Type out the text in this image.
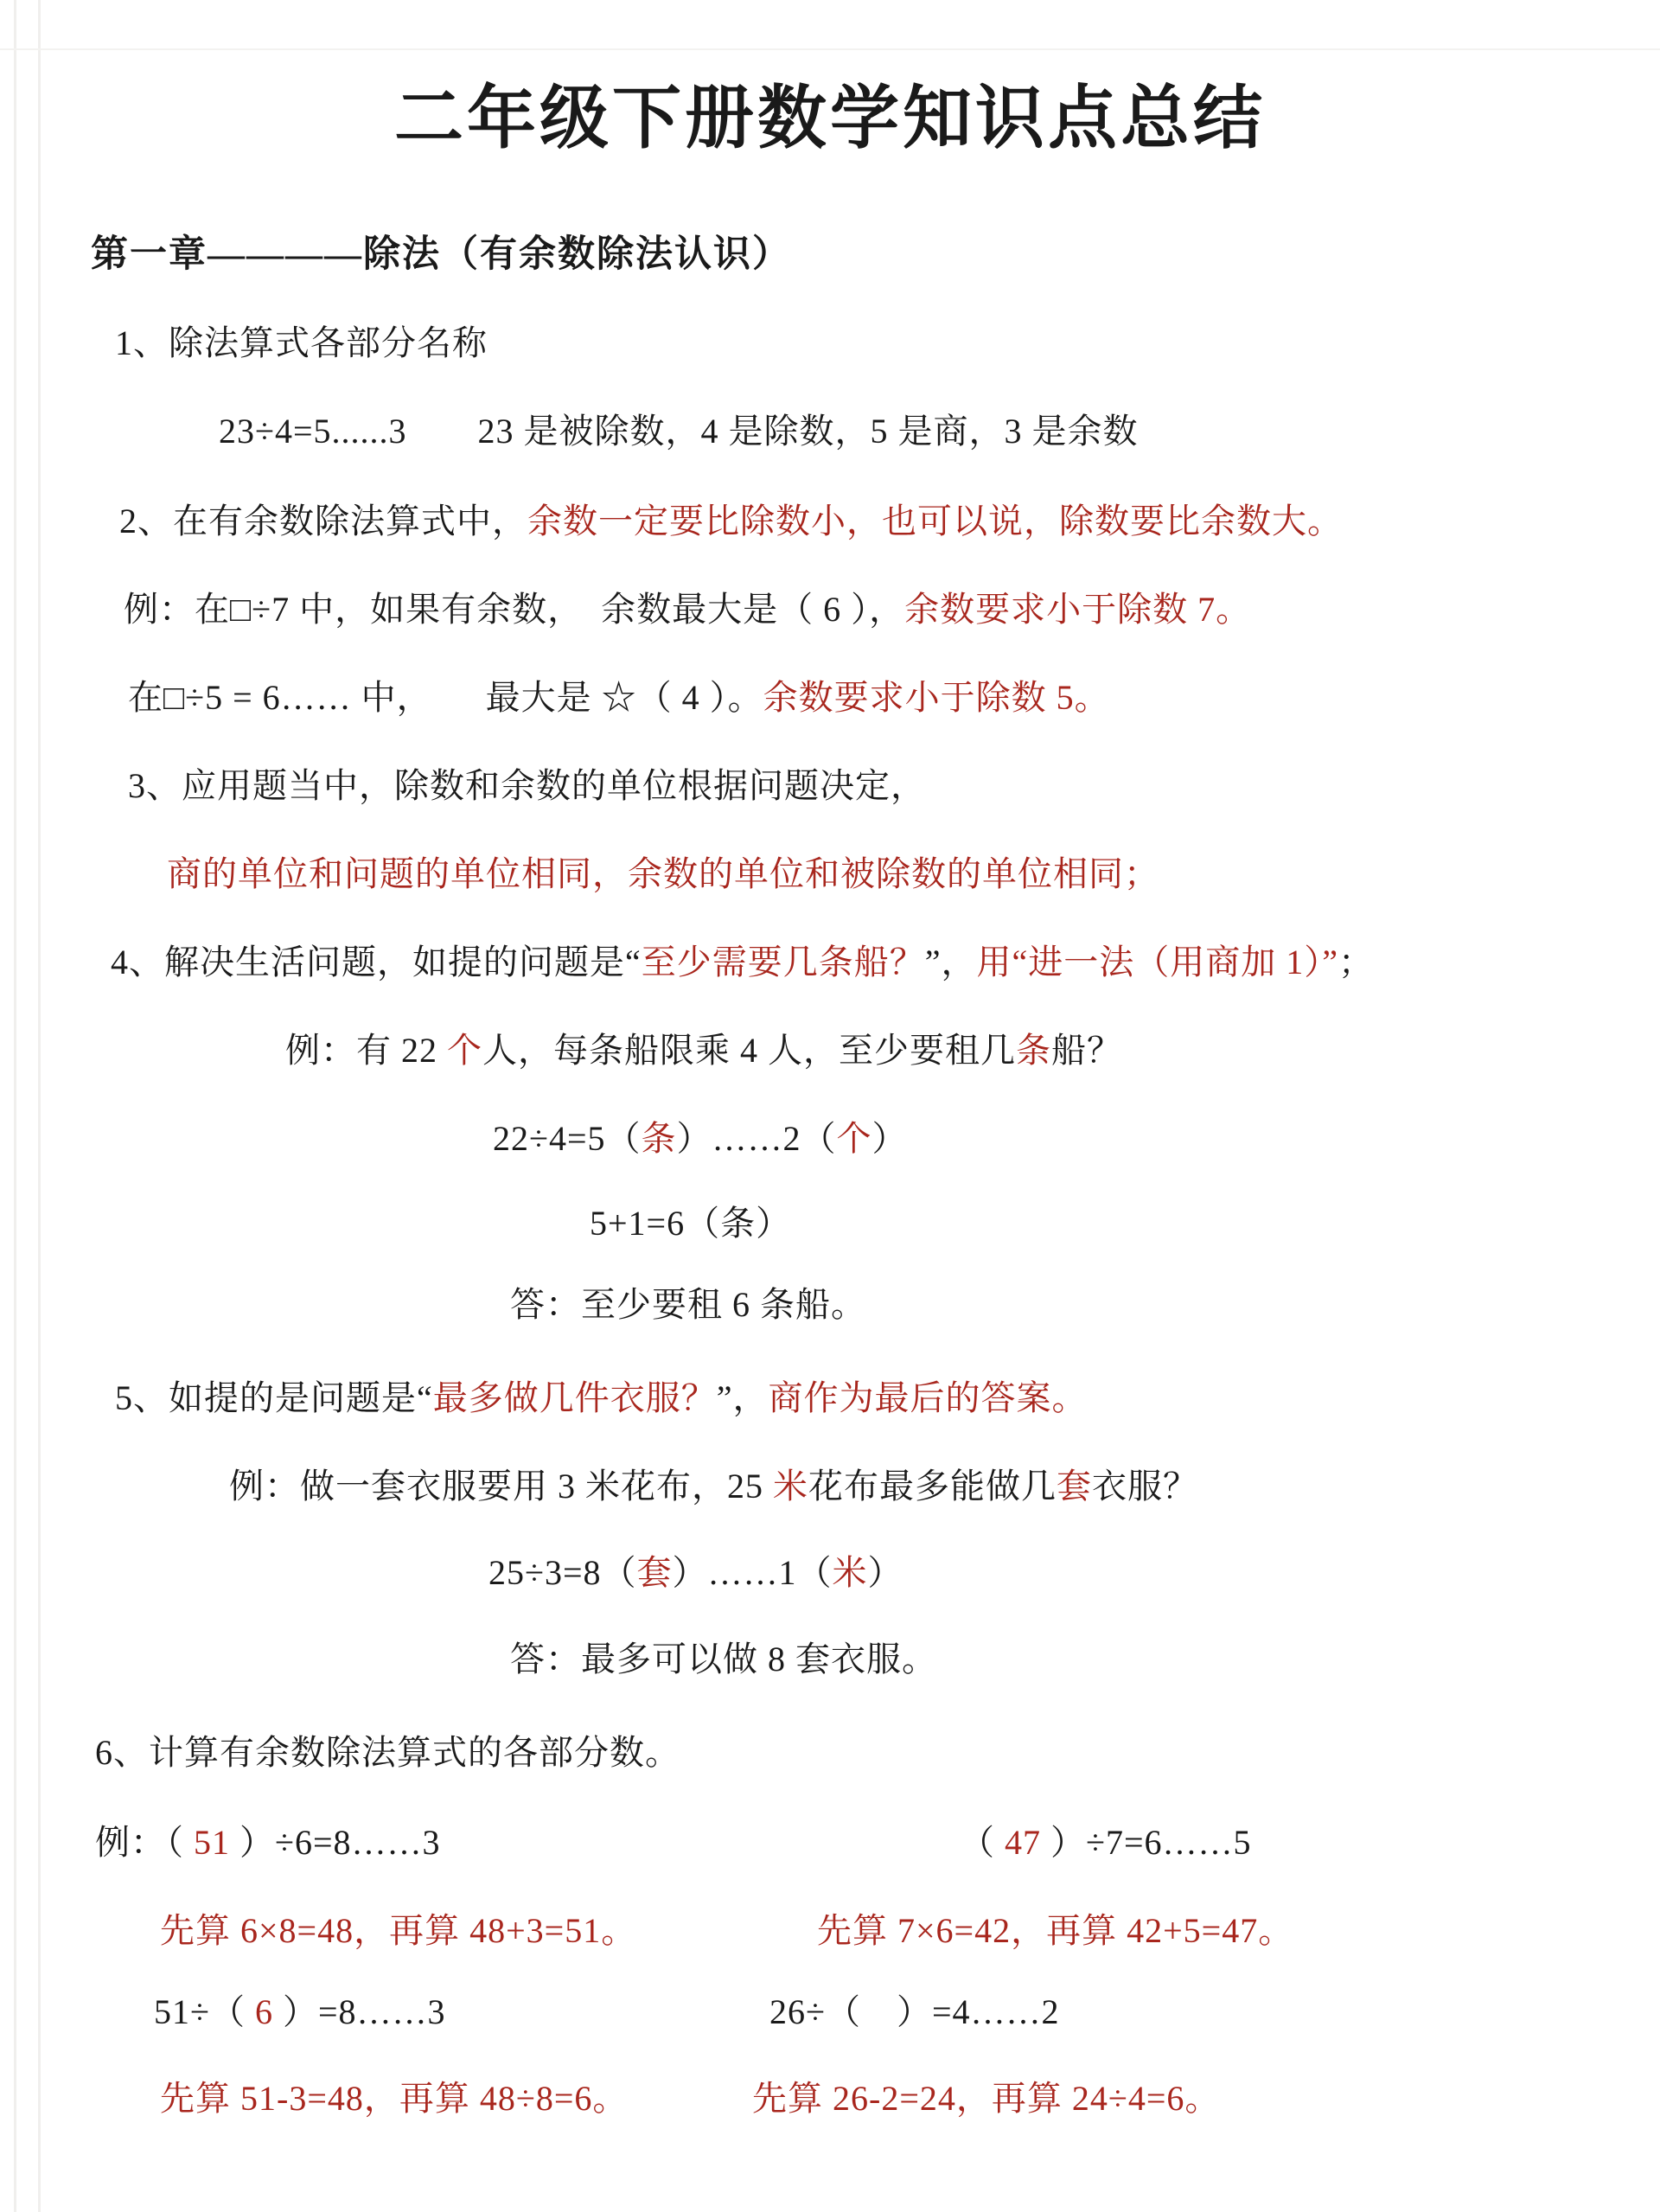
二年级下册数学知识点总结
第一章————除法（有余数除法认识）
1、除法算式各部分名称
23÷4=5......3　　23 是被除数，4 是除数，5 是商，3 是余数
2、在有余数除法算式中，余数一定要比除数小，也可以说，除数要比余数大。
例：在□÷7 中，如果有余数，　余数最大是（ 6 ），余数要求小于除数 7。
在□÷5 = 6…… 中，　　最大是 ☆（ 4 ）。余数要求小于除数 5。
3、应用题当中，除数和余数的单位根据问题决定，
商的单位和问题的单位相同，余数的单位和被除数的单位相同；
4、解决生活问题，如提的问题是“至少需要几条船？”，用“进一法（用商加 1）”；
例：有 22 个人，每条船限乘 4 人，至少要租几条船？
22÷4=5（条）……2（个）
5+1=6（条）
答：至少要租 6 条船。
5、如提的是问题是“最多做几件衣服？”，商作为最后的答案。
例：做一套衣服要用 3 米花布，25 米花布最多能做几套衣服？
25÷3=8（套）……1（米）
答：最多可以做 8 套衣服。
6、计算有余数除法算式的各部分数。
例：（ 51 ）÷6=8……3	（ 47 ）÷7=6……5
先算 6×8=48，再算 48+3=51。	先算 7×6=42，再算 42+5=47。
51÷（ 6 ）=8……3	26÷（　）=4……2
先算 51-3=48，再算 48÷8=6。	先算 26-2=24，再算 24÷4=6。
